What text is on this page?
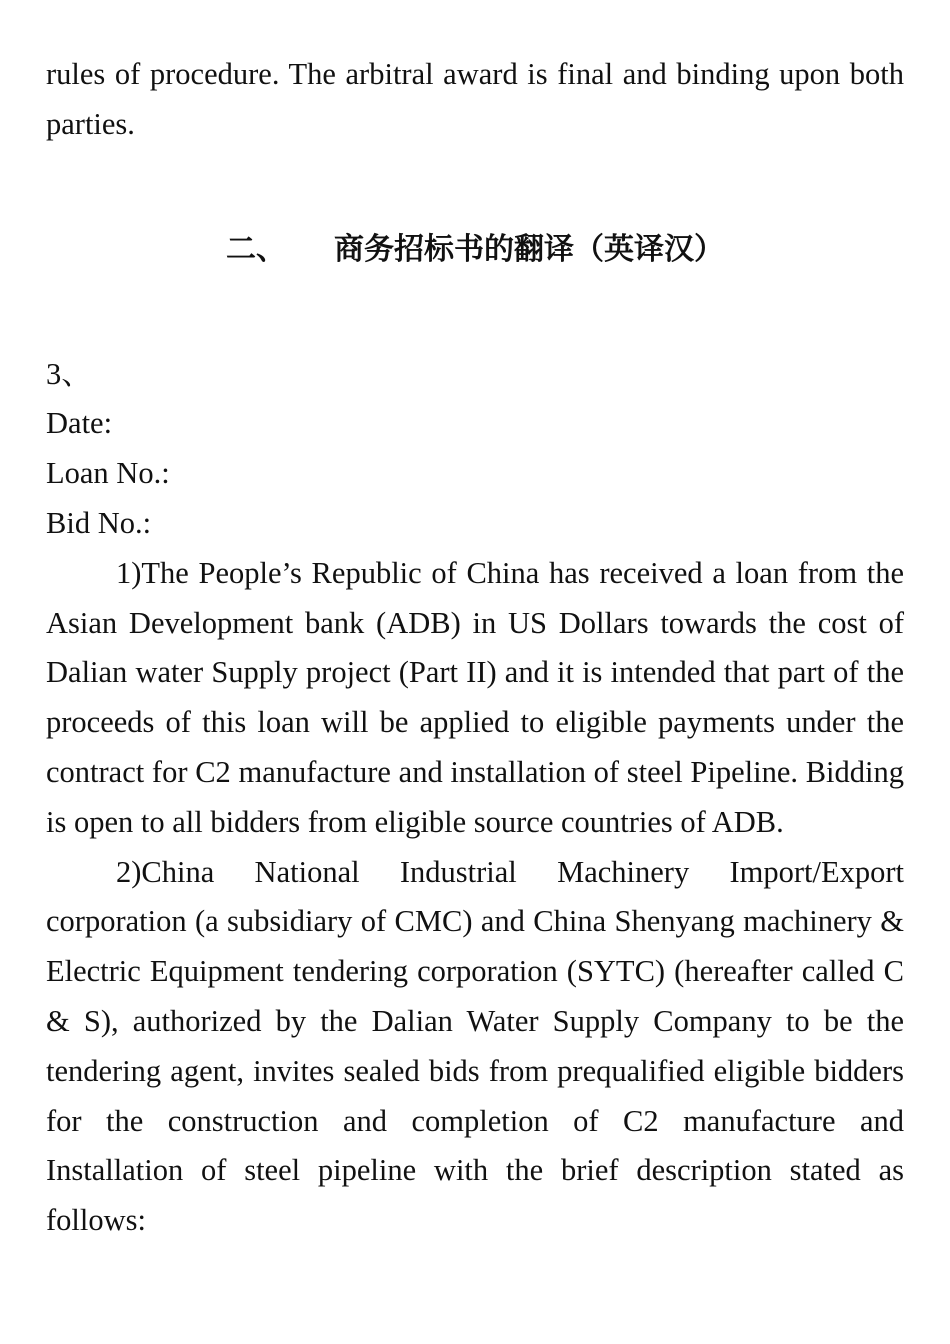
rules of procedure. The arbitral award is final and binding upon both parties.

二、 商务招标书的翻译（英译汉）

3、

Date:

Loan No.:

Bid No.:

1)The People’s Republic of China has received a loan from the Asian Development bank (ADB) in US Dollars towards the cost of Dalian water Supply project (Part II) and it is intended that part of the proceeds of this loan will be applied to eligible payments under the contract for C2 manufacture and installation of steel Pipeline. Bidding is open to all bidders from eligible source countries of ADB.

2)China National Industrial Machinery Import/Export corporation (a subsidiary of CMC) and China Shenyang machinery & Electric Equipment tendering corporation (SYTC) (hereafter called C & S), authorized by the Dalian Water Supply Company to be the tendering agent, invites sealed bids from prequalified eligible bidders for the construction and completion of C2 manufacture and Installation of steel pipeline with the brief description stated as follows:
